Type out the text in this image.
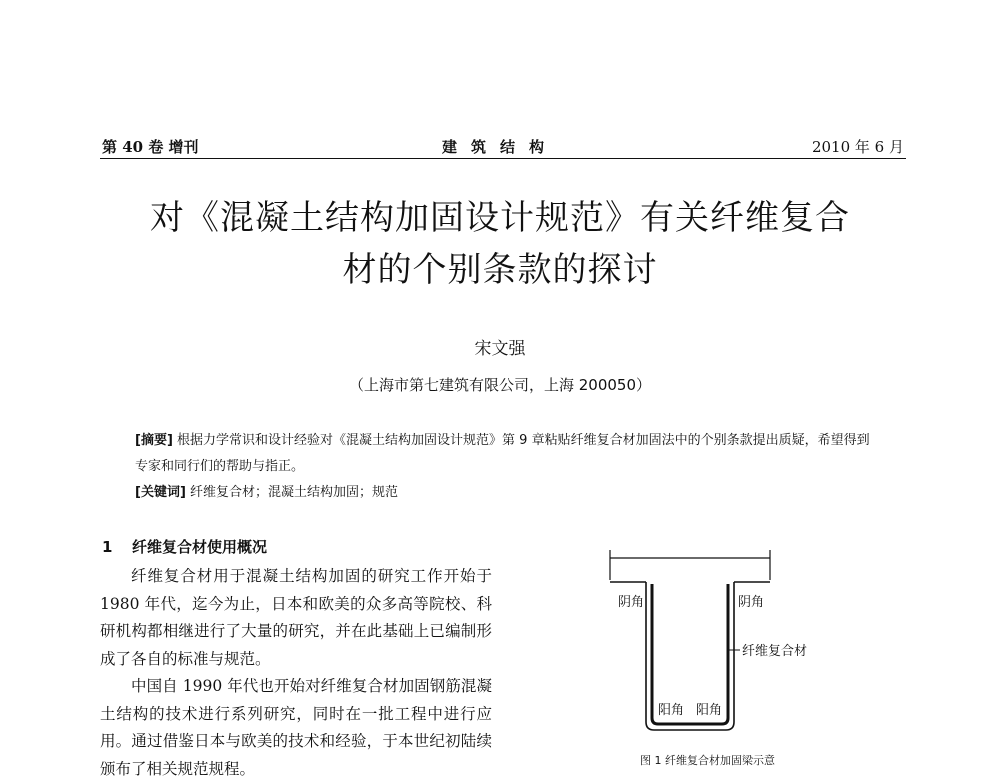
第 40 卷 增刊	建筑结构	2010 年 6 月
对《混凝土结构加固设计规范》有关纤维复合
材的个别条款的探讨
宋文强
（上海市第七建筑有限公司，上海 200050）
[摘要] 根据力学常识和设计经验对《混凝土结构加固设计规范》第 9 章粘贴纤维复合材加固法中的个别条款提出质疑，希望得到专家和同行们的帮助与指正。
[关键词] 纤维复合材；混凝土结构加固；规范
1 纤维复合材使用概况

纤维复合材用于混凝土结构加固的研究工作开始于 1980 年代，迄今为止，日本和欧美的众多高等院校、科研机构都相继进行了大量的研究，并在此基础上已编制形成了各自的标准与规范。

中国自 1990 年代也开始对纤维复合材加固钢筋混凝土结构的技术进行系列研究，同时在一批工程中进行应用。通过借鉴日本与欧美的技术和经验，于本世纪初陆续颁布了相关规范规程。

阴角	阴角
纤维复合材
阳角 阳角
图 1 纤维复合材加固梁示意
